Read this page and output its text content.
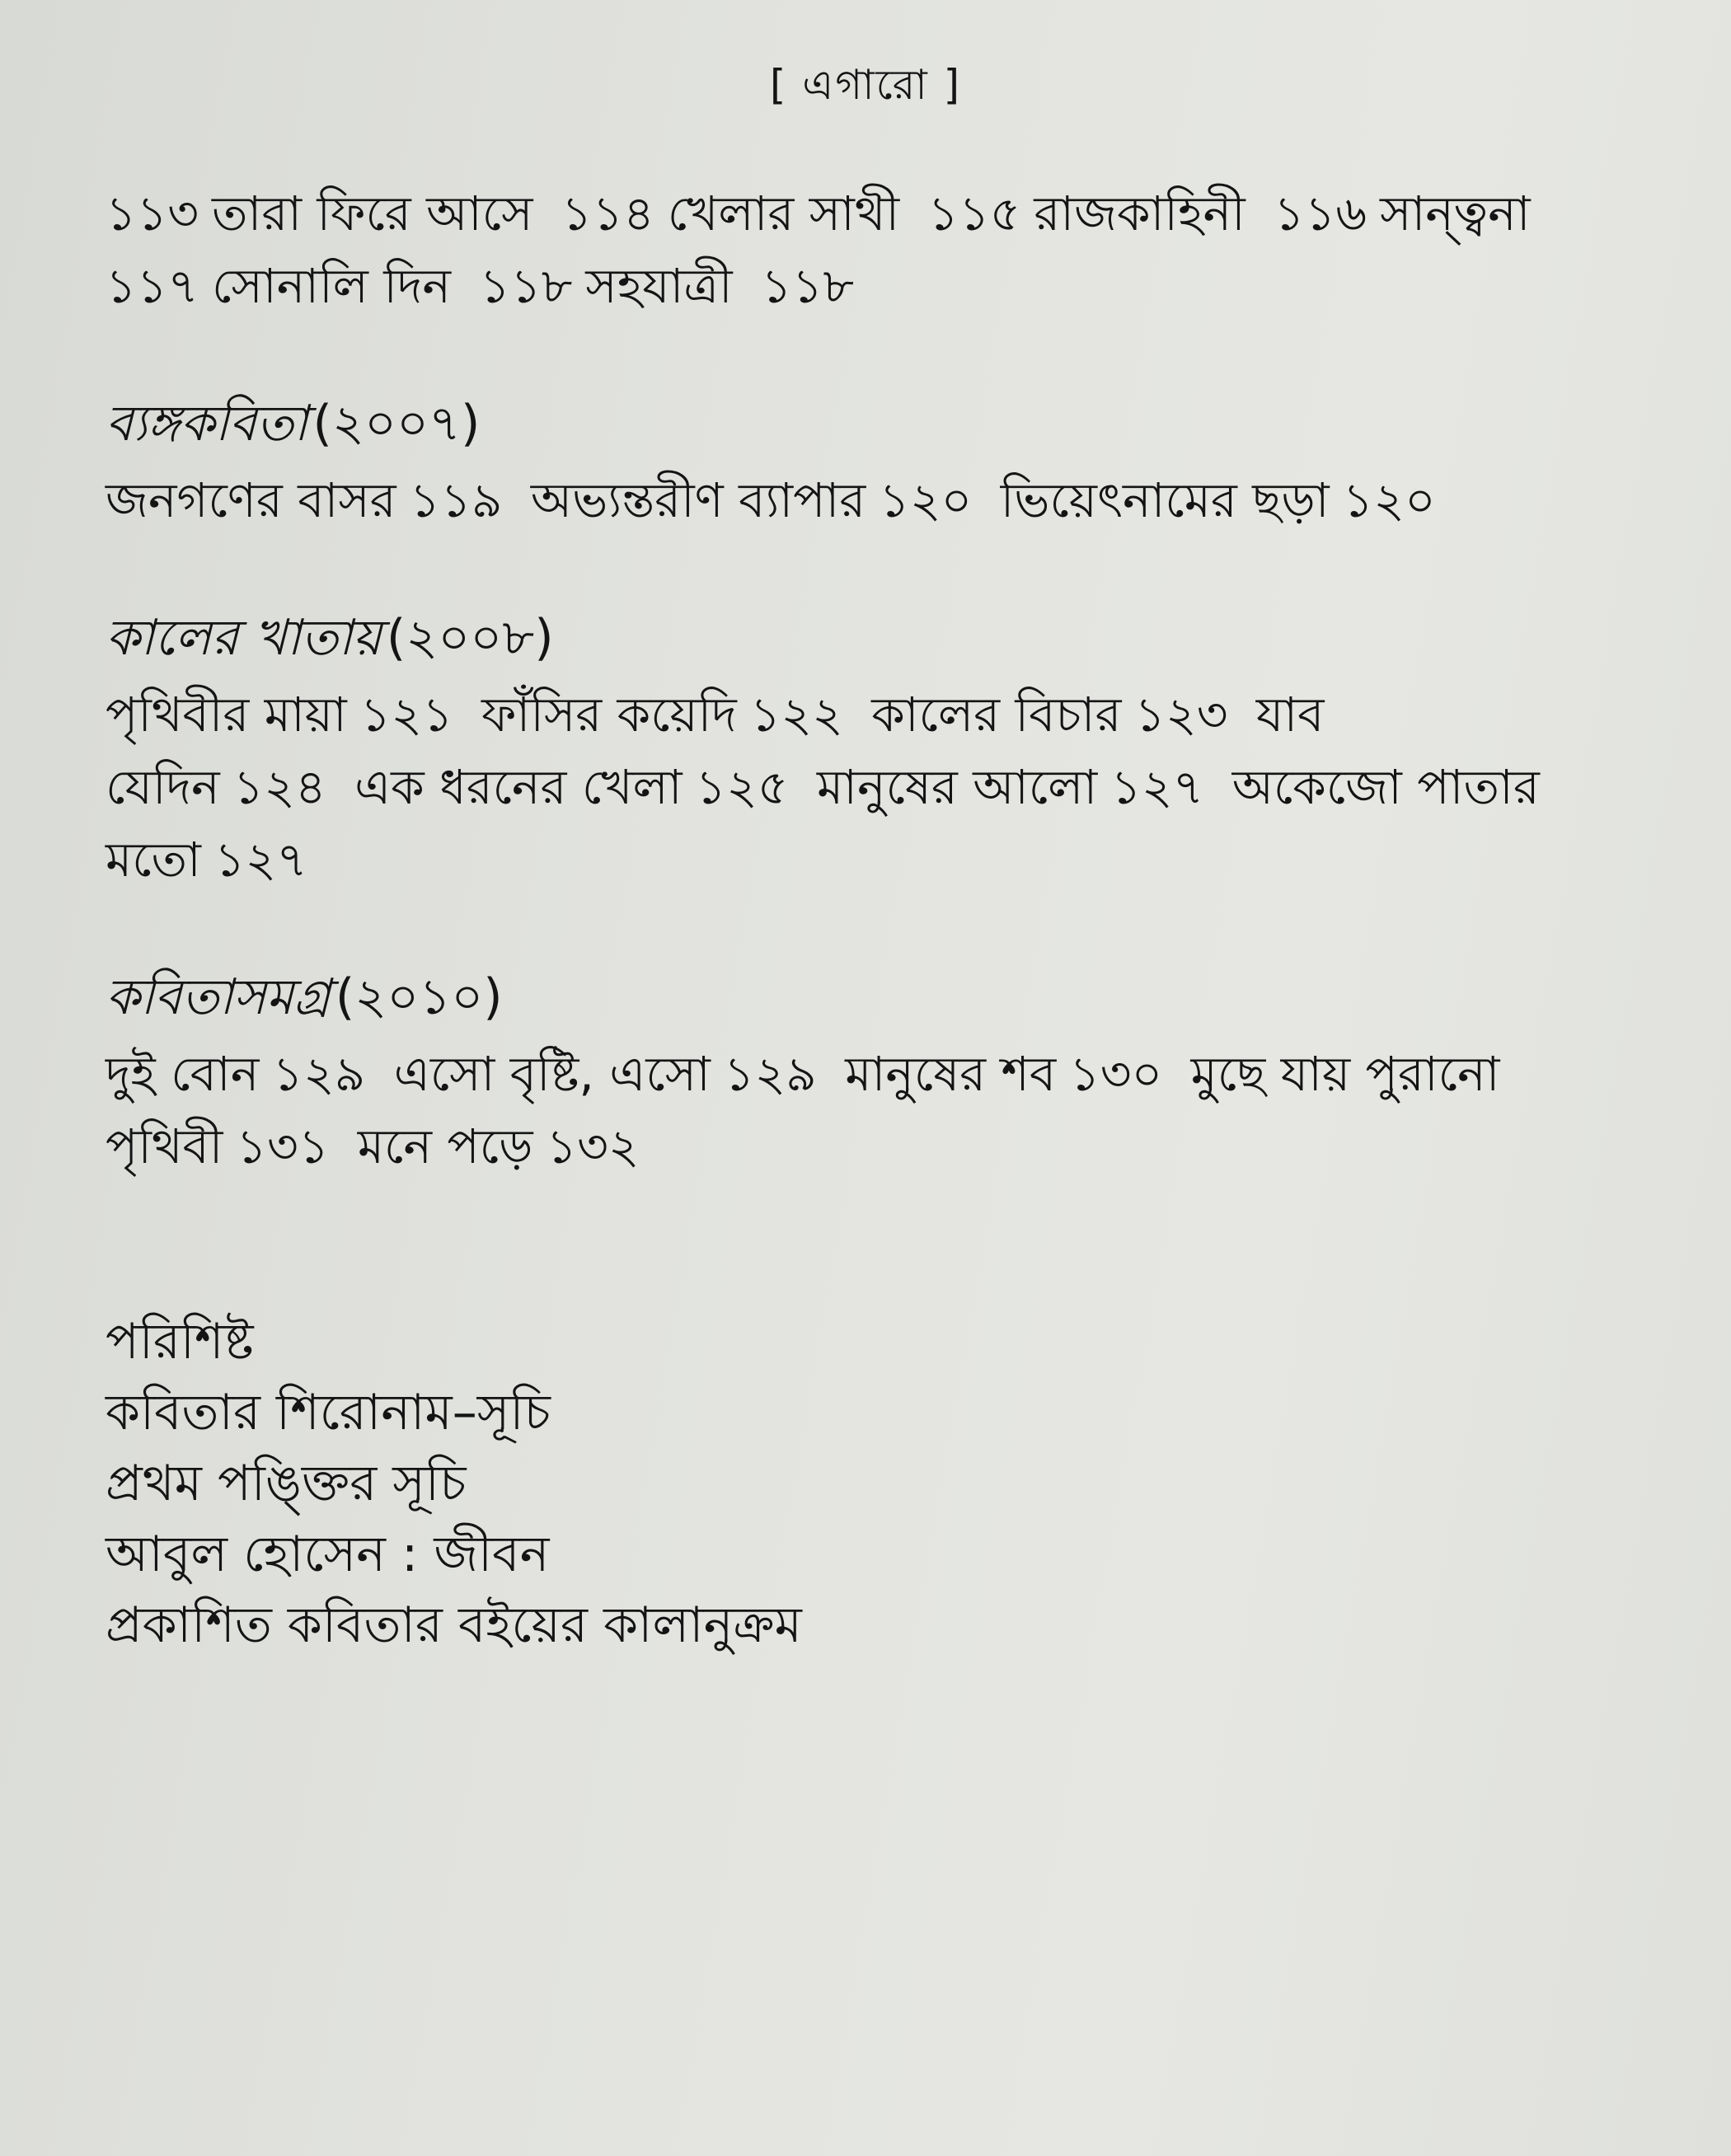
[ এগারো ]

১১৩ তারা ফিরে আসে ১১৪ খেলার সাথী ১১৫ রাজকাহিনী ১১৬ সান্ত্বনা
১১৭ সোনালি দিন ১১৮ সহযাত্রী ১১৮

ব্যঙ্গকবিতা (২০০৭)

জনগণের বাসর ১১৯ অভ্যন্তরীণ ব্যাপার ১২০ ভিয়েৎনামের ছড়া ১২০

কালের খাতায় (২০০৮)

পৃথিবীর মায়া ১২১ ফাঁসির কয়েদি ১২২ কালের বিচার ১২৩ যাব যেদিন ১২৪ এক ধরনের খেলা ১২৫ মানুষের আলো ১২৭ অকেজো পাতার মতো ১২৭

কবিতাসমগ্র (২০১০)

দুই বোন ১২৯ এসো বৃষ্টি, এসো ১২৯ মানুষের শব ১৩০ মুছে যায় পুরানো পৃথিবী ১৩১ মনে পড়ে ১৩২

পরিশিষ্ট
কবিতার শিরোনাম–সূচি
প্রথম পঙ্ক্তির সূচি
আবুল হোসেন : জীবন
প্রকাশিত কবিতার বইয়ের কালানুক্রম
